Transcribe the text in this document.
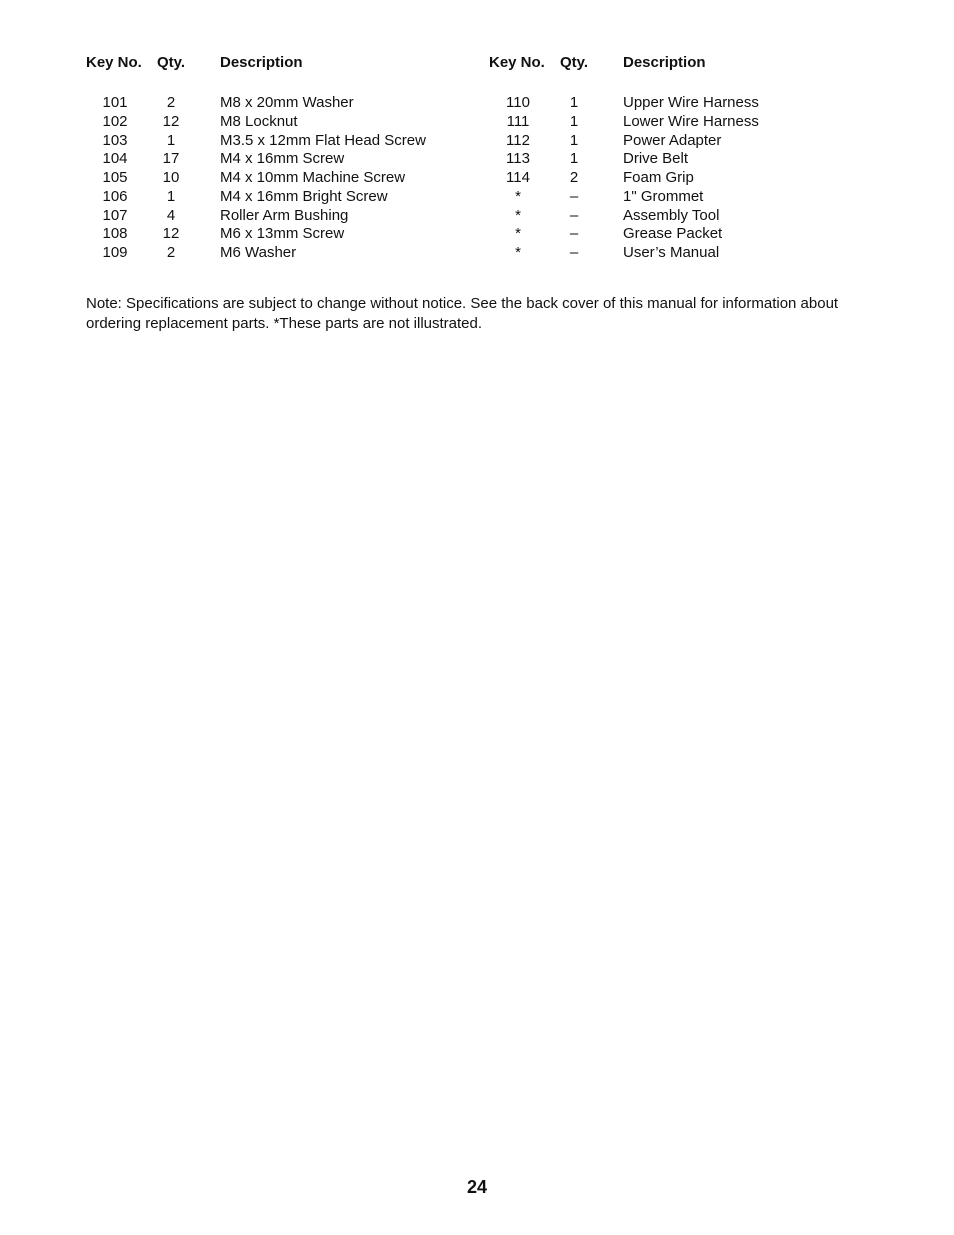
Key No. Qty. Description
101	2	M8 x 20mm Washer
102	12	M8 Locknut
103	1	M3.5 x 12mm Flat Head Screw
104	17	M4 x 16mm Screw
105	10	M4 x 10mm Machine Screw
106	1	M4 x 16mm Bright Screw
107	4	Roller Arm Bushing
108	12	M6 x 13mm Screw
109	2	M6 Washer
Key No. Qty. Description
110	1	Upper Wire Harness
111	1	Lower Wire Harness
112	1	Power Adapter
113	1	Drive Belt
114	2	Foam Grip
*	–	1" Grommet
*	–	Assembly Tool
*	–	Grease Packet
*	–	User’s Manual

Note: Specifications are subject to change without notice. See the back cover of this manual for information about ordering replacement parts. *These parts are not illustrated.

24
